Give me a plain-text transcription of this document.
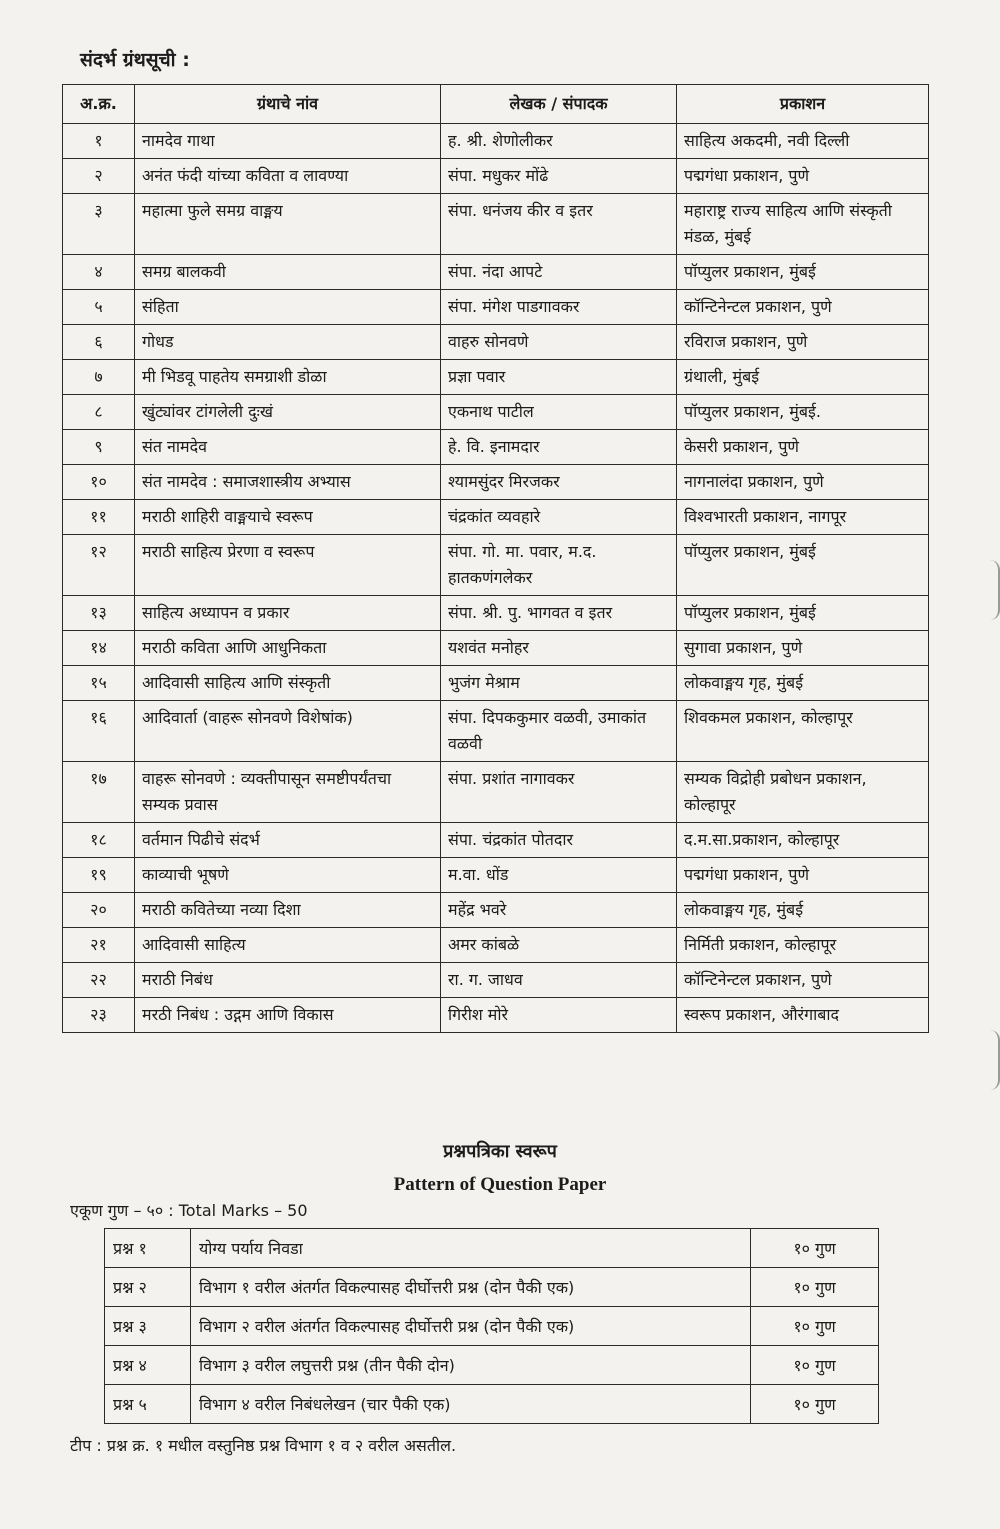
संदर्भ ग्रंथसूची :
अ.क्र.	ग्रंथाचे नांव	लेखक / संपादक	प्रकाशन
१	नामदेव गाथा	ह. श्री. शेणोलीकर	साहित्य अकदमी, नवी दिल्ली
२	अनंत फंदी यांच्या कविता व लावण्या	संपा. मधुकर मोंढे	पद्मगंधा प्रकाशन, पुणे
३	महात्मा फुले समग्र वाङ्मय	संपा. धनंजय कीर व इतर	महाराष्ट्र राज्य साहित्य आणि संस्कृती मंडळ, मुंबई
४	समग्र बालकवी	संपा. नंदा आपटे	पॉप्युलर प्रकाशन, मुंबई
५	संहिता	संपा. मंगेश पाडगावकर	कॉन्टिनेन्टल प्रकाशन, पुणे
६	गोधड	वाहरु सोनवणे	रविराज प्रकाशन, पुणे
७	मी भिडवू पाहतेय समग्राशी डोळा	प्रज्ञा पवार	ग्रंथाली, मुंबई
८	खुंट्यांवर टांगलेली दुःखं	एकनाथ पाटील	पॉप्युलर प्रकाशन, मुंबई.
९	संत नामदेव	हे. वि. इनामदार	केसरी प्रकाशन, पुणे
१०	संत नामदेव : समाजशास्त्रीय अभ्यास	श्यामसुंदर मिरजकर	नागनालंदा प्रकाशन, पुणे
११	मराठी शाहिरी वाङ्मयाचे स्वरूप	चंद्रकांत व्यवहारे	विश्वभारती प्रकाशन, नागपूर
१२	मराठी साहित्य प्रेरणा व स्वरूप	संपा. गो. मा. पवार, म.द. हातकणंगलेकर	पॉप्युलर प्रकाशन, मुंबई
१३	साहित्य अध्यापन व प्रकार	संपा. श्री. पु. भागवत व इतर	पॉप्युलर प्रकाशन, मुंबई
१४	मराठी कविता आणि आधुनिकता	यशवंत मनोहर	सुगावा प्रकाशन, पुणे
१५	आदिवासी साहित्य आणि संस्कृती	भुजंग मेश्राम	लोकवाङ्मय गृह, मुंबई
१६	आदिवार्ता (वाहरू सोनवणे विशेषांक)	संपा. दिपककुमार वळवी, उमाकांत वळवी	शिवकमल प्रकाशन, कोल्हापूर
१७	वाहरू सोनवणे : व्यक्तीपासून समष्टीपर्यंतचा सम्यक प्रवास	संपा. प्रशांत नागावकर	सम्यक विद्रोही प्रबोधन प्रकाशन, कोल्हापूर
१८	वर्तमान पिढीचे संदर्भ	संपा. चंद्रकांत पोतदार	द.म.सा.प्रकाशन, कोल्हापूर
१९	काव्याची भूषणे	म.वा. धोंड	पद्मगंधा प्रकाशन, पुणे
२०	मराठी कवितेच्या नव्या दिशा	महेंद्र भवरे	लोकवाङ्मय गृह, मुंबई
२१	आदिवासी साहित्य	अमर कांबळे	निर्मिती प्रकाशन, कोल्हापूर
२२	मराठी निबंध	रा. ग. जाधव	कॉन्टिनेन्टल प्रकाशन, पुणे
२३	मरठी निबंध : उद्गम आणि विकास	गिरीश मोरे	स्वरूप प्रकाशन, औरंगाबाद
प्रश्नपत्रिका स्वरूप
Pattern of Question Paper
एकूण गुण – ५० : Total Marks – 50
प्रश्न १	योग्य पर्याय निवडा	१० गुण
प्रश्न २	विभाग १ वरील अंतर्गत विकल्पासह दीर्घोत्तरी प्रश्न (दोन पैकी एक)	१० गुण
प्रश्न ३	विभाग २ वरील अंतर्गत विकल्पासह दीर्घोत्तरी प्रश्न (दोन पैकी एक)	१० गुण
प्रश्न ४	विभाग ३ वरील लघुत्तरी प्रश्न (तीन पैकी दोन)	१० गुण
प्रश्न ५	विभाग ४ वरील निबंधलेखन (चार पैकी एक)	१० गुण
टीप : प्रश्न क्र. १ मधील वस्तुनिष्ठ प्रश्न विभाग १ व २ वरील असतील.
